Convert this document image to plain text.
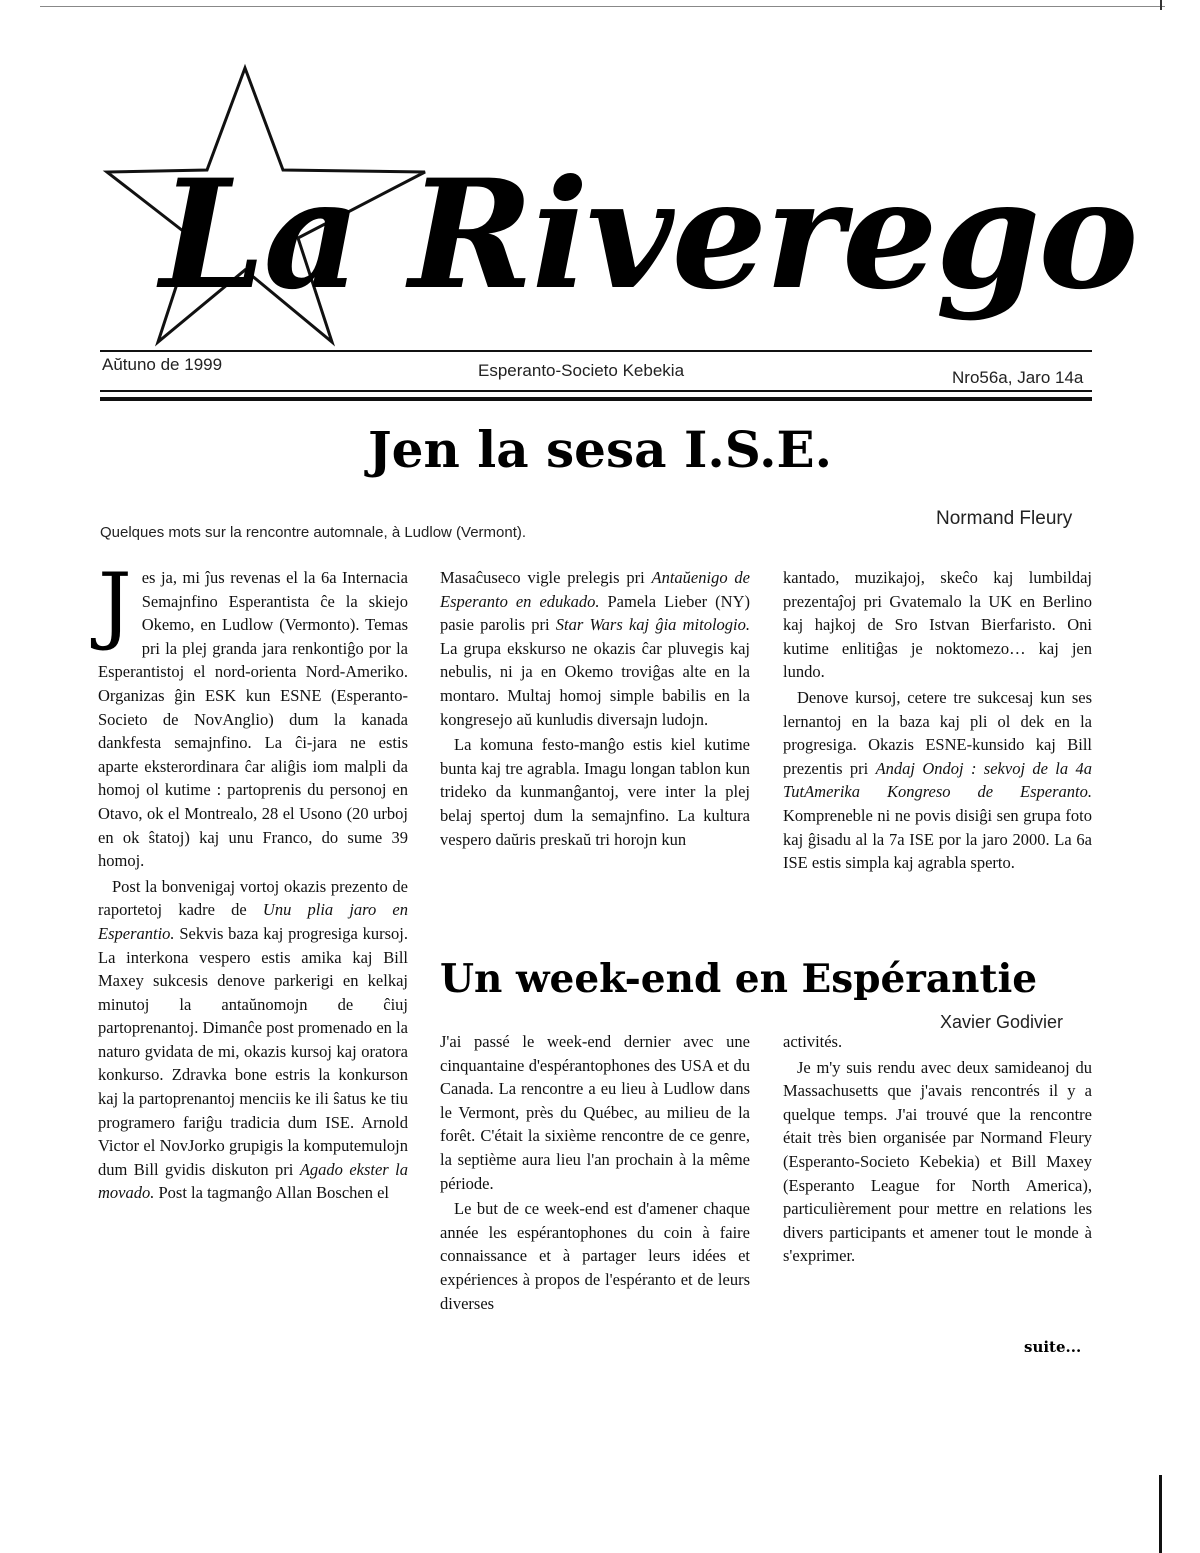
La Riverego
Aŭtuno de 1999	Esperanto-Societo Kebekia	Nro56a, Jaro 14a
Jen la sesa I.S.E.
Normand Fleury
Quelques mots sur la rencontre automnale, à Ludlow (Vermont).

Jes ja, mi ĵus revenas el la 6a Internacia Semajnfino Esperantista ĉe la skiejo Okemo, en Ludlow (Vermonto). Temas pri la plej granda jara renkontiĝo por la Esperantistoj el nord-orienta Nord-Ameriko. Organizas ĝin ESK kun ESNE (Esperanto-Societo de NovAnglio) dum la kanada dankfesta semajnfino. La ĉi-jara ne estis aparte eksterordinara ĉar aliĝis iom malpli da homoj ol kutime : partoprenis du personoj en Otavo, ok el Montrealo, 28 el Usono (20 urboj en ok ŝtatoj) kaj unu Franco, do sume 39 homoj.

Post la bonvenigaj vortoj okazis prezento de raportetoj kadre de Unu plia jaro en Esperantio. Sekvis baza kaj progresiga kursoj. La interkona vespero estis amika kaj Bill Maxey sukcesis denove parkerigi en kelkaj minutoj la antaŭnomojn de ĉiuj partoprenantoj. Dimanĉe post promenado en la naturo gvidata de mi, okazis kursoj kaj oratora konkurso. Zdravka bone estris la konkurson kaj la partoprenantoj menciis ke ili ŝatus ke tiu programero fariĝu tradicia dum ISE. Arnold Victor el NovJorko grupigis la komputemulojn dum Bill gvidis diskuton pri Agado ekster la movado. Post la tagmanĝo Allan Boschen el

Masaĉuseco vigle prelegis pri Antaŭenigo de Esperanto en edukado. Pamela Lieber (NY) pasie parolis pri Star Wars kaj ĝia mitologio. La grupa ekskurso ne okazis ĉar pluvegis kaj nebulis, ni ja en Okemo troviĝas alte en la montaro. Multaj homoj simple babilis en la kongresejo aŭ kunludis diversajn ludojn.

La komuna festo-manĝo estis kiel kutime bunta kaj tre agrabla. Imagu longan tablon kun trideko da kunmanĝantoj, vere inter la plej belaj spertoj dum la semajnfino. La kultura vespero daŭris preskaŭ tri horojn kun

kantado, muzikajoj, skeĉo kaj lumbildaj prezentaĵoj pri Gvatemalo la UK en Berlino kaj hajkoj de Sro Istvan Bierfaristo. Oni kutime enlitiĝas je noktomezo… kaj jen lundo.

Denove kursoj, cetere tre sukcesaj kun ses lernantoj en la baza kaj pli ol dek en la progresiga. Okazis ESNE-kunsido kaj Bill prezentis pri Andaj Ondoj : sekvoj de la 4a TutAmerika Kongreso de Esperanto. Kompreneble ni ne povis disiĝi sen grupa foto kaj ĝisadu al la 7a ISE por la jaro 2000. La 6a ISE estis simpla kaj agrabla sperto.

Un week-end en Espérantie
Xavier Godivier

J'ai passé le week-end dernier avec une cinquantaine d'espérantophones des USA et du Canada. La rencontre a eu lieu à Ludlow dans le Vermont, près du Québec, au milieu de la forêt. C'était la sixième rencontre de ce genre, la septième aura lieu l'an prochain à la même période.

Le but de ce week-end est d'amener chaque année les espérantophones du coin à faire connaissance et à partager leurs idées et expériences à propos de l'espéranto et de leurs diverses

activités.

Je m'y suis rendu avec deux samideanoj du Massachusetts que j'avais rencontrés il y a quelque temps. J'ai trouvé que la rencontre était très bien organisée par Normand Fleury (Esperanto-Societo Kebekia) et Bill Maxey (Esperanto League for North America), particulièrement pour mettre en relations les divers participants et amener tout le monde à s'exprimer.

suite...
